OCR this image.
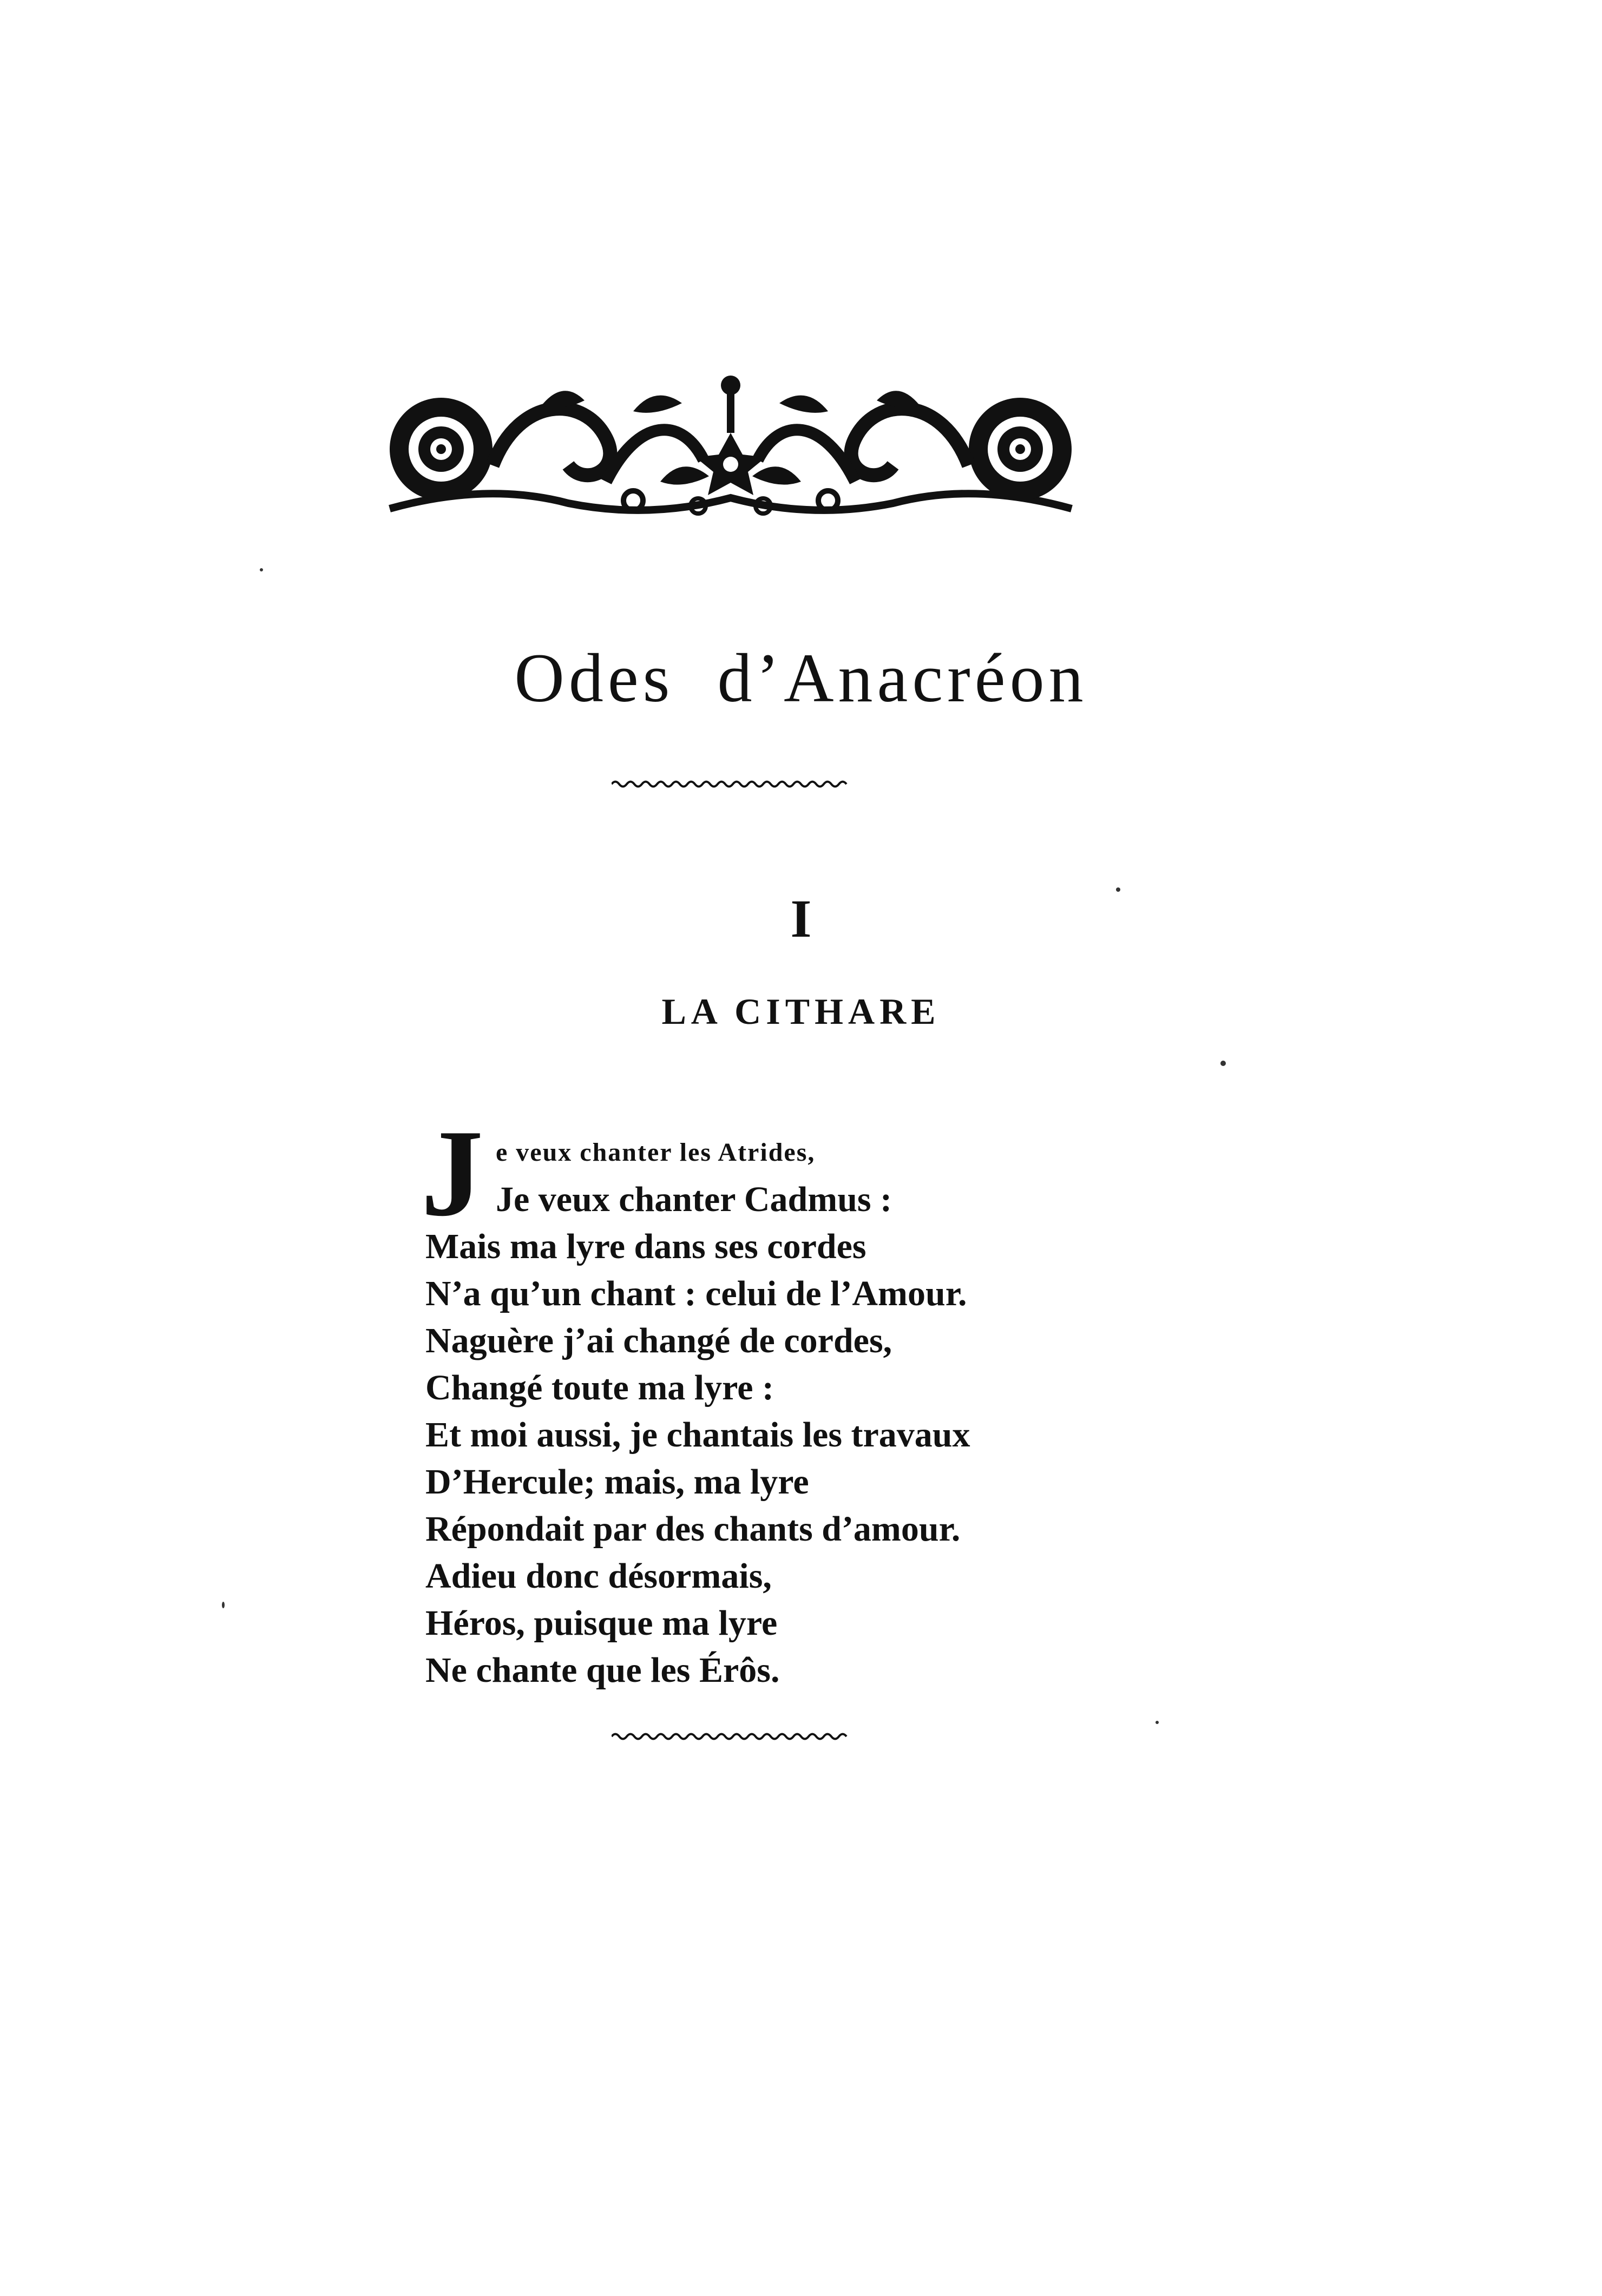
Odes d’Anacréon
I
LA CITHARE
J e veux chanter les Atrides,
Je veux chanter Cadmus :
Mais ma lyre dans ses cordes
N’a qu’un chant : celui de l’Amour.
Naguère j’ai changé de cordes,
Changé toute ma lyre :
Et moi aussi, je chantais les travaux
D’Hercule; mais, ma lyre
Répondait par des chants d’amour.
Adieu donc désormais,
Héros, puisque ma lyre
Ne chante que les Érôs.
